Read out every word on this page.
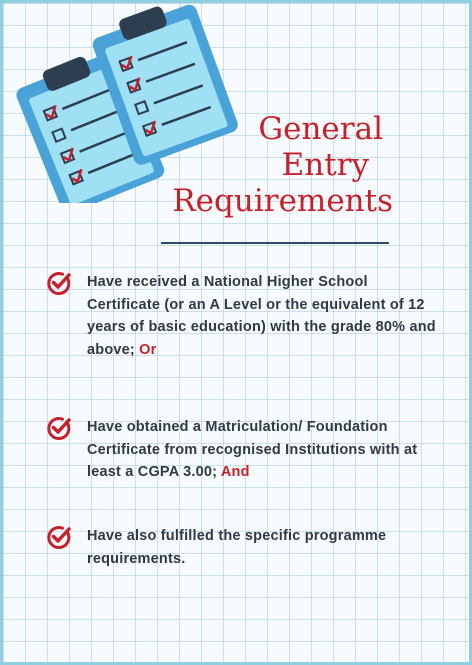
General
Entry
Requirements
Have received a National Higher School Certificate (or an A Level or the equivalent of 12 years of basic education) with the grade 80% and above; Or
Have obtained a Matriculation/ Foundation Certificate from recognised Institutions with at least a CGPA 3.00; And
Have also fulfilled the specific programme requirements.
